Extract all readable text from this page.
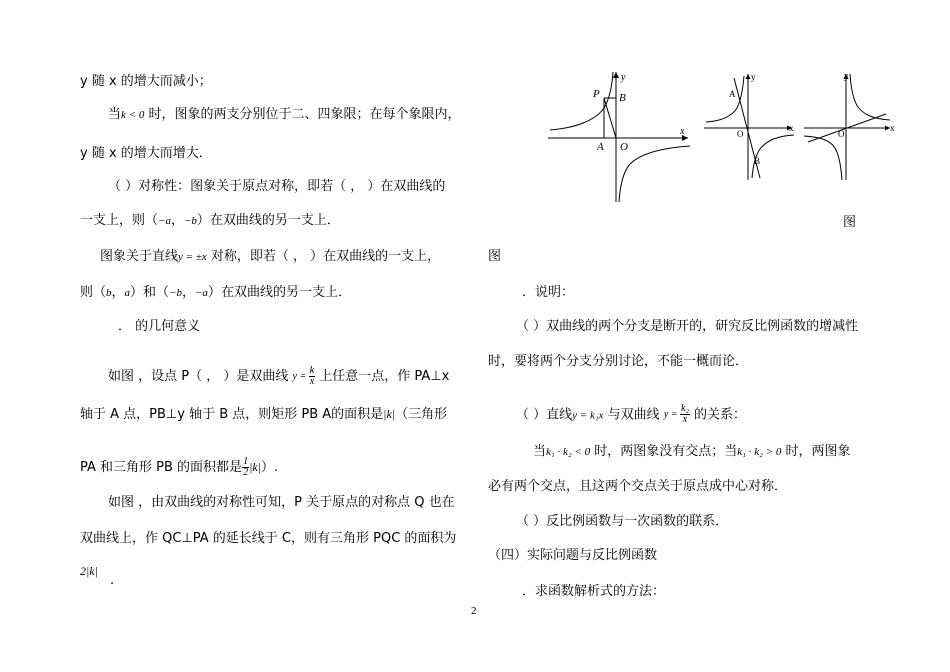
y 随 x 的增大而减小；
当k < 0 时，图象的两支分别位于二、四象限；在每个象限内，
y 随 x 的增大而增大．
（ ）对称性：图象关于原点对称，即若（ ， ）在双曲线的
一支上，则（−a，−b）在双曲线的另一支上．
图象关于直线y = ±x 对称，即若（ ， ）在双曲线的一支上，
则（b，a）和（−b，−a）在双曲线的另一支上．
． 的几何意义
如图 ，设点 P（ ， ）是双曲线 $y = \frac{k}{x}$ 上任意一点，作 PA⊥x
轴于 A 点，PB⊥y 轴于 B 点，则矩形 PB A的面积是|k|（三角形
PA 和三角形 PB 的面积都是 $\frac{1}{2} |k|$）.
如图 ，由双曲线的对称性可知，P 关于原点的对称点 Q 也在
双曲线上，作 QC⊥PA 的延长线于 C，则有三角形 PQC 的面积为
2|k|
.
x
y
P B
A O
x
y
A
O
B
x
y
O
图
图
．说明：
（ ）双曲线的两个分支是断开的，研究反比例函数的增减性
时，要将两个分支分别讨论，不能一概而论．
（ ）直线y = k₁x 与双曲线 $y = \frac{\text{k₂}}{x}$ 的关系：
当k₁ · k₂ < 0 时，两图象没有交点；当k₁ · k₂ > 0 时，两图象
必有两个交点，且这两个交点关于原点成中心对称．
（ ）反比例函数与一次函数的联系．
（四）实际问题与反比例函数
．求函数解析式的方法：
2
